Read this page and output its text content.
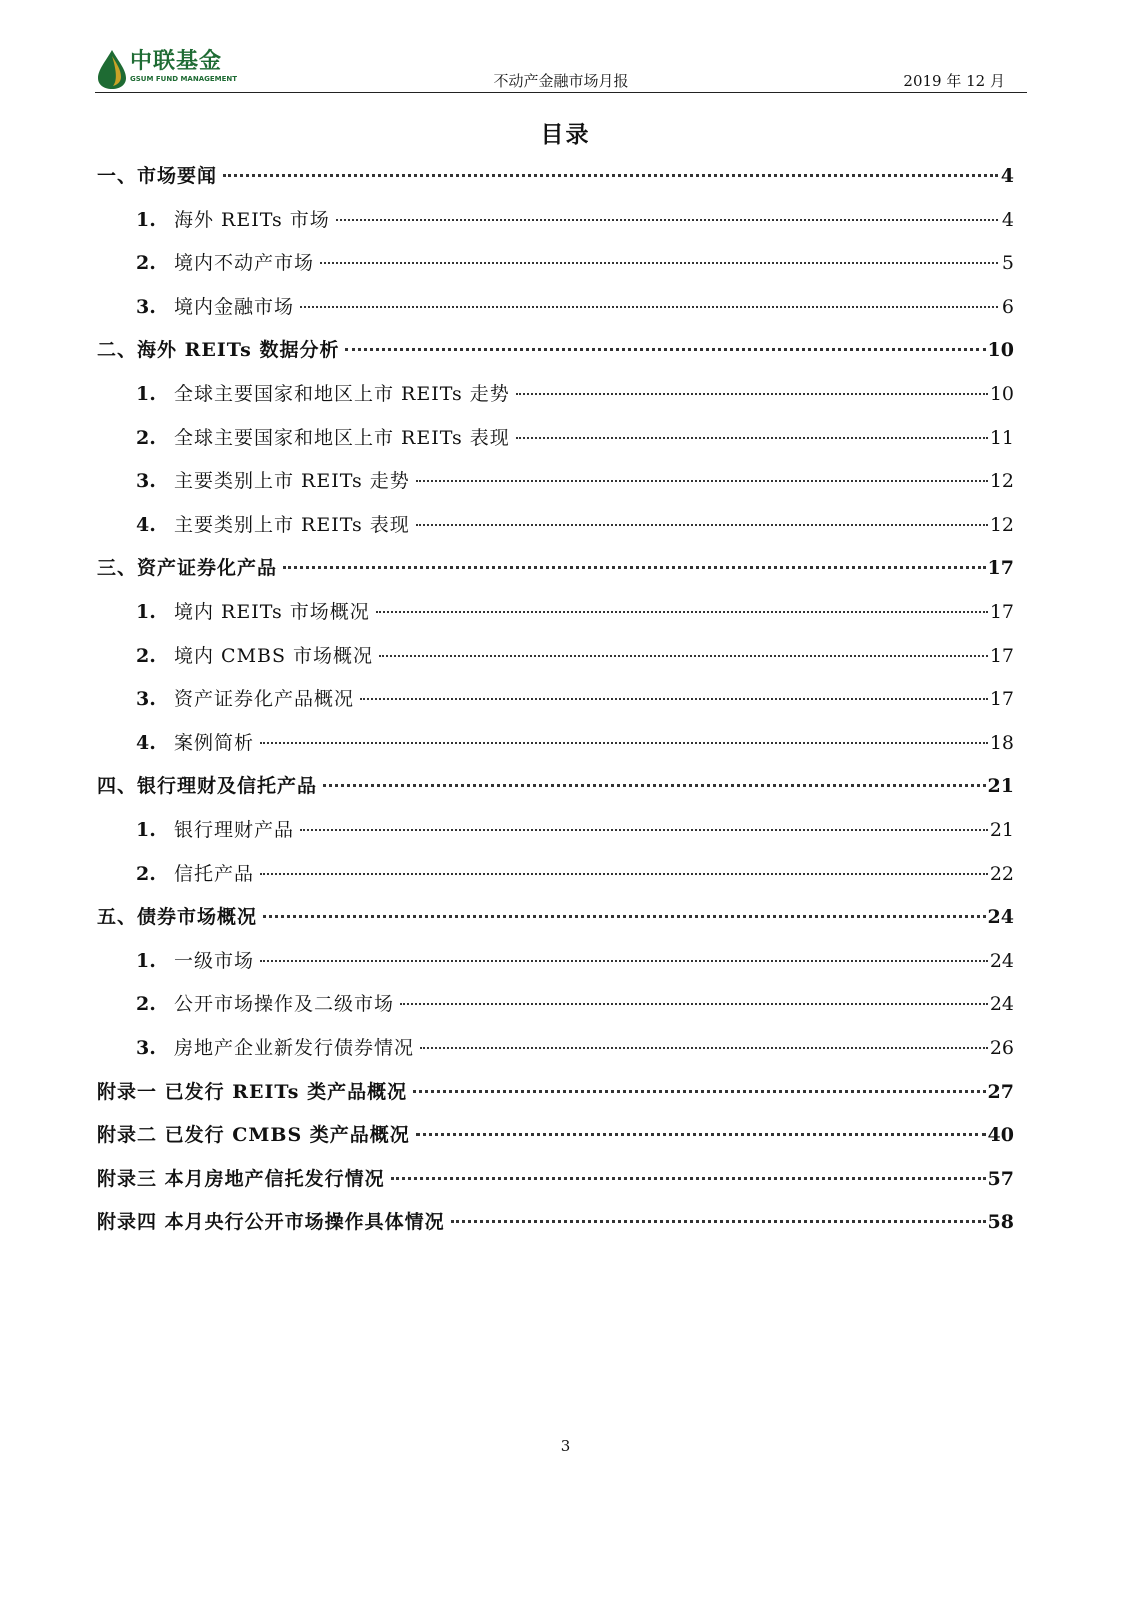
中联基金
GSUM FUND MANAGEMENT	不动产金融市场月报	2019 年 12 月
目录
一、市场要闻	4
1. 海外 REITs 市场	4
2. 境内不动产市场	5
3. 境内金融市场	6
二、海外 REITs 数据分析	10
1. 全球主要国家和地区上市 REITs 走势	10
2. 全球主要国家和地区上市 REITs 表现	11
3. 主要类别上市 REITs 走势	12
4. 主要类别上市 REITs 表现	12
三、资产证券化产品	17
1. 境内 REITs 市场概况	17
2. 境内 CMBS 市场概况	17
3. 资产证券化产品概况	17
4. 案例简析	18
四、银行理财及信托产品	21
1. 银行理财产品	21
2. 信托产品	22
五、债券市场概况	24
1. 一级市场	24
2. 公开市场操作及二级市场	24
3. 房地产企业新发行债券情况	26
附录一 已发行 REITs 类产品概况	27
附录二 已发行 CMBS 类产品概况	40
附录三 本月房地产信托发行情况	57
附录四 本月央行公开市场操作具体情况	58
3
